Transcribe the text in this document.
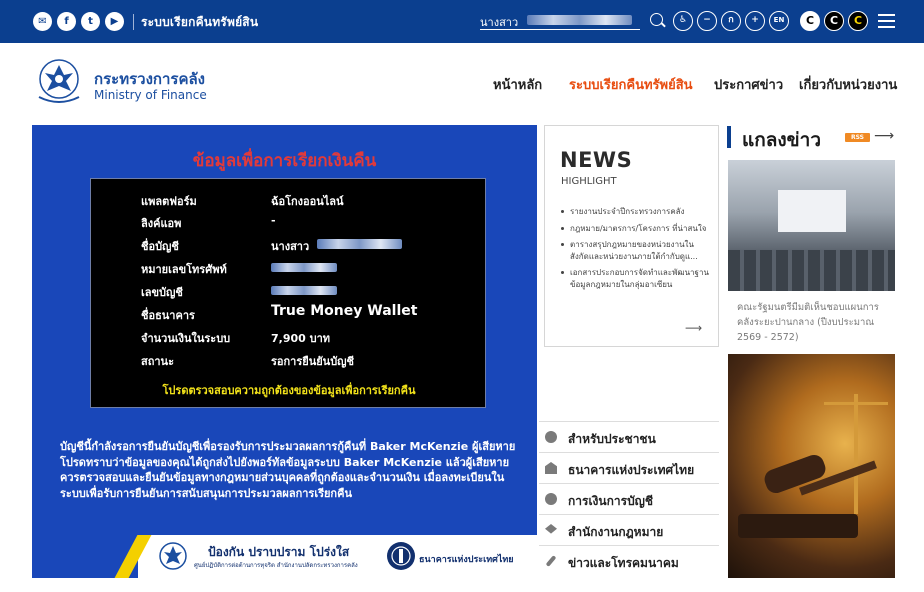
✉	f	t	▶	ระบบเรียกคืนทรัพย์สิน	นางสาว	♿	−	ก	+	EN	C	C	C
กระทรวงการคลัง
Ministry of Finance
หน้าหลัก ระบบเรียกคืนทรัพย์สิน ประกาศข่าว เกี่ยวกับหน่วยงาน
ข้อมูลเพื่อการเรียกเงินคืน
แพลตฟอร์ม	ฉ้อโกงออนไลน์
ลิงค์แอพ	-
ชื่อบัญชี	นางสาว
หมายเลขโทรศัพท์
เลขบัญชี
ชื่อธนาคาร	True Money Wallet
จำนวนเงินในระบบ	7,900 บาท
สถานะ	รอการยืนยันบัญชี
โปรดตรวจสอบความถูกต้องของข้อมูลเพื่อการเรียกคืน
บัญชีนี้กำลังรอการยืนยันบัญชีเพื่อรองรับการประมวลผลการกู้คืนที่ Baker McKenzie ผู้เสียหายโปรดทราบว่าข้อมูลของคุณได้ถูกส่งไปยังพอร์ทัลข้อมูลระบบ Baker McKenzie แล้วผู้เสียหายควรตรวจสอบและยืนยันข้อมูลทางกฎหมายส่วนบุคคลที่ถูกต้องและจำนวนเงิน เมื่อลงทะเบียนในระบบเพื่อรับการยืนยันการสนับสนุนการประมวลผลการเรียกคืน
ป้องกัน ปราบปราม โปร่งใส
ศูนย์ปฏิบัติการต่อต้านการทุจริต สำนักงานปลัดกระทรวงการคลัง
ธนาคารแห่งประเทศไทย
NEWS
HIGHLIGHT
รายงานประจำปีกระทรวงการคลัง
กฎหมาย/มาตรการ/โครงการ ที่น่าสนใจ
ตารางสรุปกฎหมายของหน่วยงานในสังกัดและหน่วยงานภายใต้กำกับดูแ...
เอกสารประกอบการจัดทำและพัฒนาฐานข้อมูลกฎหมายในกลุ่มอาเซียน
⟶
สำหรับประชาชน
ธนาคารแห่งประเทศไทย
การเงินการบัญชี
สำนักงานกฎหมาย
ข่าวและโทรคมนาคม
แกลงข่าว	RSS ⟶
คณะรัฐมนตรีมีมติเห็นชอบแผนการคลังระยะปานกลาง (ปีงบประมาณ 2569 - 2572)
